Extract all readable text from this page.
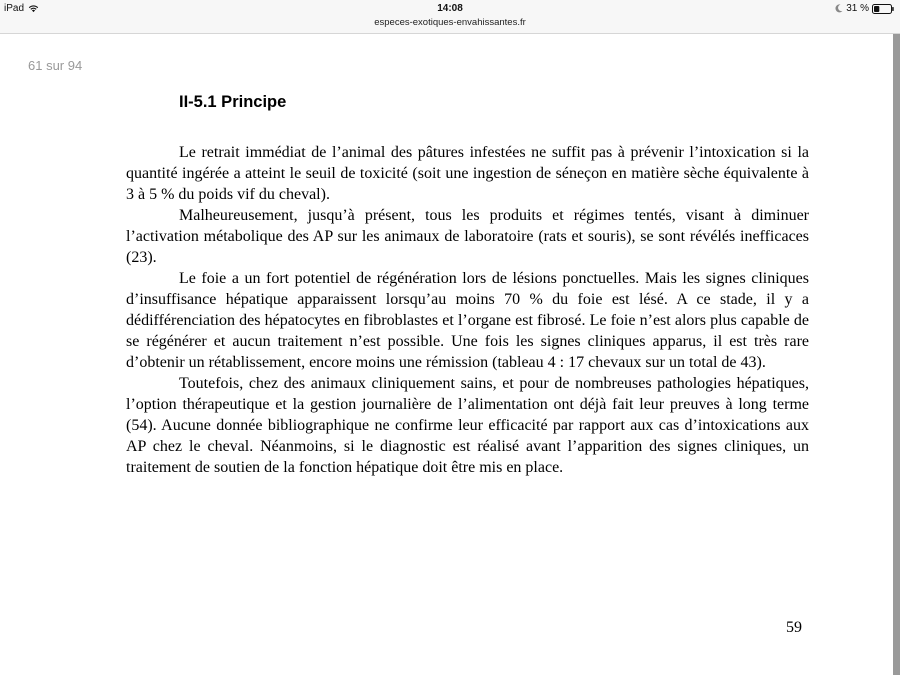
iPad	14:08
especes-exotiques-envahissantes.fr
31 %
61 sur 94
II-5.1 Principe

Le retrait immédiat de l’animal des pâtures infestées ne suffit pas à prévenir l’intoxication si la quantité ingérée a atteint le seuil de toxicité (soit une ingestion de séneçon en matière sèche équivalente à 3 à 5 % du poids vif du cheval).

Malheureusement, jusqu’à présent, tous les produits et régimes tentés, visant à diminuer l’activation métabolique des AP sur les animaux de laboratoire (rats et souris), se sont révélés inefficaces (23).

Le foie a un fort potentiel de régénération lors de lésions ponctuelles. Mais les signes cliniques d’insuffisance hépatique apparaissent lorsqu’au moins 70 % du foie est lésé. A ce stade, il y a dédifférenciation des hépatocytes en fibroblastes et l’organe est fibrosé. Le foie n’est alors plus capable de se régénérer et aucun traitement n’est possible. Une fois les signes cliniques apparus, il est très rare d’obtenir un rétablissement, encore moins une rémission (tableau 4 : 17 chevaux sur un total de 43).

Toutefois, chez des animaux cliniquement sains, et pour de nombreuses pathologies hépatiques, l’option thérapeutique et la gestion journalière de l’alimentation ont déjà fait leur preuves à long terme (54). Aucune donnée bibliographique ne confirme leur efficacité par rapport aux cas d’intoxications aux AP chez le cheval. Néanmoins, si le diagnostic est réalisé avant l’apparition des signes cliniques, un traitement de soutien de la fonction hépatique doit être mis en place.

59
